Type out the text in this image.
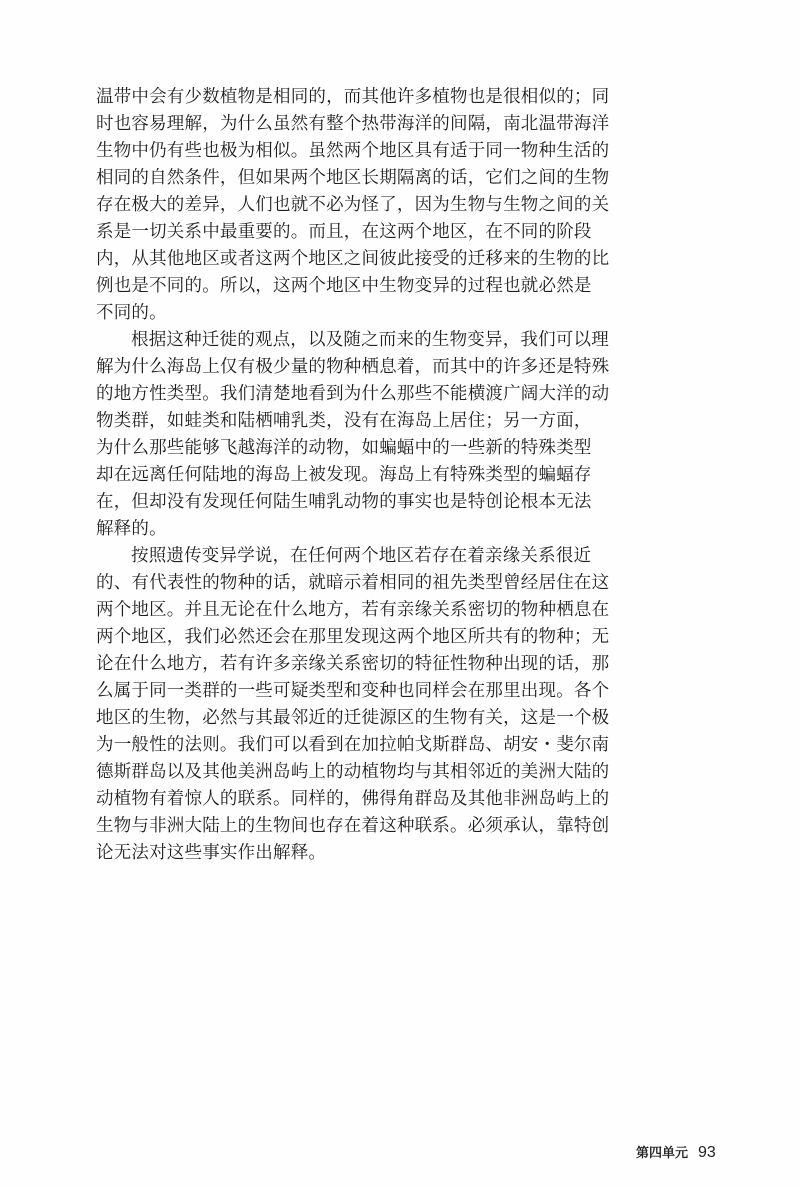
温带中会有少数植物是相同的，而其他许多植物也是很相似的；同
时也容易理解，为什么虽然有整个热带海洋的间隔，南北温带海洋
生物中仍有些也极为相似。虽然两个地区具有适于同一物种生活的
相同的自然条件，但如果两个地区长期隔离的话，它们之间的生物
存在极大的差异，人们也就不必为怪了，因为生物与生物之间的关
系是一切关系中最重要的。而且，在这两个地区，在不同的阶段
内，从其他地区或者这两个地区之间彼此接受的迁移来的生物的比
例也是不同的。所以，这两个地区中生物变异的过程也就必然是
不同的。
根据这种迁徙的观点，以及随之而来的生物变异，我们可以理
解为什么海岛上仅有极少量的物种栖息着，而其中的许多还是特殊
的地方性类型。我们清楚地看到为什么那些不能横渡广阔大洋的动
物类群，如蛙类和陆栖哺乳类，没有在海岛上居住；另一方面，
为什么那些能够飞越海洋的动物，如蝙蝠中的一些新的特殊类型
却在远离任何陆地的海岛上被发现。海岛上有特殊类型的蝙蝠存
在，但却没有发现任何陆生哺乳动物的事实也是特创论根本无法
解释的。
按照遗传变异学说，在任何两个地区若存在着亲缘关系很近
的、有代表性的物种的话，就暗示着相同的祖先类型曾经居住在这
两个地区。并且无论在什么地方，若有亲缘关系密切的物种栖息在
两个地区，我们必然还会在那里发现这两个地区所共有的物种；无
论在什么地方，若有许多亲缘关系密切的特征性物种出现的话，那
么属于同一类群的一些可疑类型和变种也同样会在那里出现。各个
地区的生物，必然与其最邻近的迁徙源区的生物有关，这是一个极
为一般性的法则。我们可以看到在加拉帕戈斯群岛、胡安・斐尔南
德斯群岛以及其他美洲岛屿上的动植物均与其相邻近的美洲大陆的
动植物有着惊人的联系。同样的，佛得角群岛及其他非洲岛屿上的
生物与非洲大陆上的生物间也存在着这种联系。必须承认，靠特创
论无法对这些事实作出解释。
第四单元 93
